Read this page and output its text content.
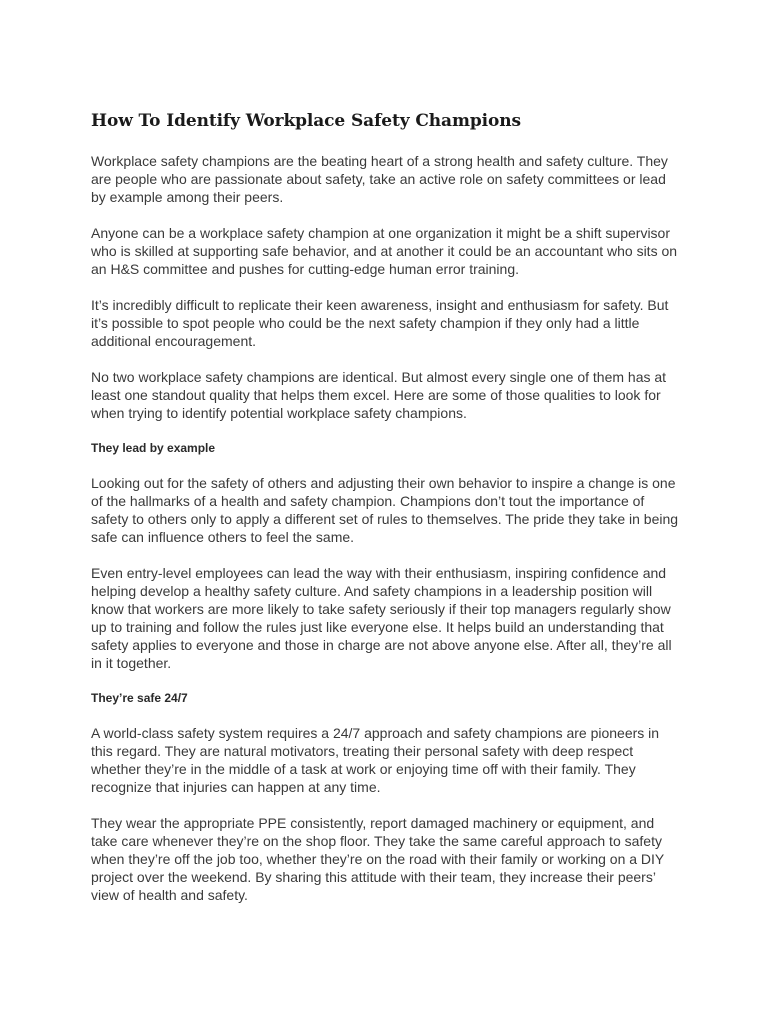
How To Identify Workplace Safety Champions

Workplace safety champions are the beating heart of a strong health and safety culture. They are people who are passionate about safety, take an active role on safety committees or lead by example among their peers.

Anyone can be a workplace safety champion at one organization it might be a shift supervisor who is skilled at supporting safe behavior, and at another it could be an accountant who sits on an H&S committee and pushes for cutting-edge human error training.

It’s incredibly difficult to replicate their keen awareness, insight and enthusiasm for safety. But it’s possible to spot people who could be the next safety champion if they only had a little additional encouragement.

No two workplace safety champions are identical. But almost every single one of them has at least one standout quality that helps them excel. Here are some of those qualities to look for when trying to identify potential workplace safety champions.

They lead by example

Looking out for the safety of others and adjusting their own behavior to inspire a change is one of the hallmarks of a health and safety champion. Champions don’t tout the importance of safety to others only to apply a different set of rules to themselves. The pride they take in being safe can influence others to feel the same.

Even entry-level employees can lead the way with their enthusiasm, inspiring confidence and helping develop a healthy safety culture. And safety champions in a leadership position will know that workers are more likely to take safety seriously if their top managers regularly show up to training and follow the rules just like everyone else. It helps build an understanding that safety applies to everyone and those in charge are not above anyone else. After all, they’re all in it together.

They’re safe 24/7

A world-class safety system requires a 24/7 approach and safety champions are pioneers in this regard. They are natural motivators, treating their personal safety with deep respect whether they’re in the middle of a task at work or enjoying time off with their family. They recognize that injuries can happen at any time.

They wear the appropriate PPE consistently, report damaged machinery or equipment, and take care whenever they’re on the shop floor. They take the same careful approach to safety when they’re off the job too, whether they’re on the road with their family or working on a DIY project over the weekend. By sharing this attitude with their team, they increase their peers’ view of health and safety.
